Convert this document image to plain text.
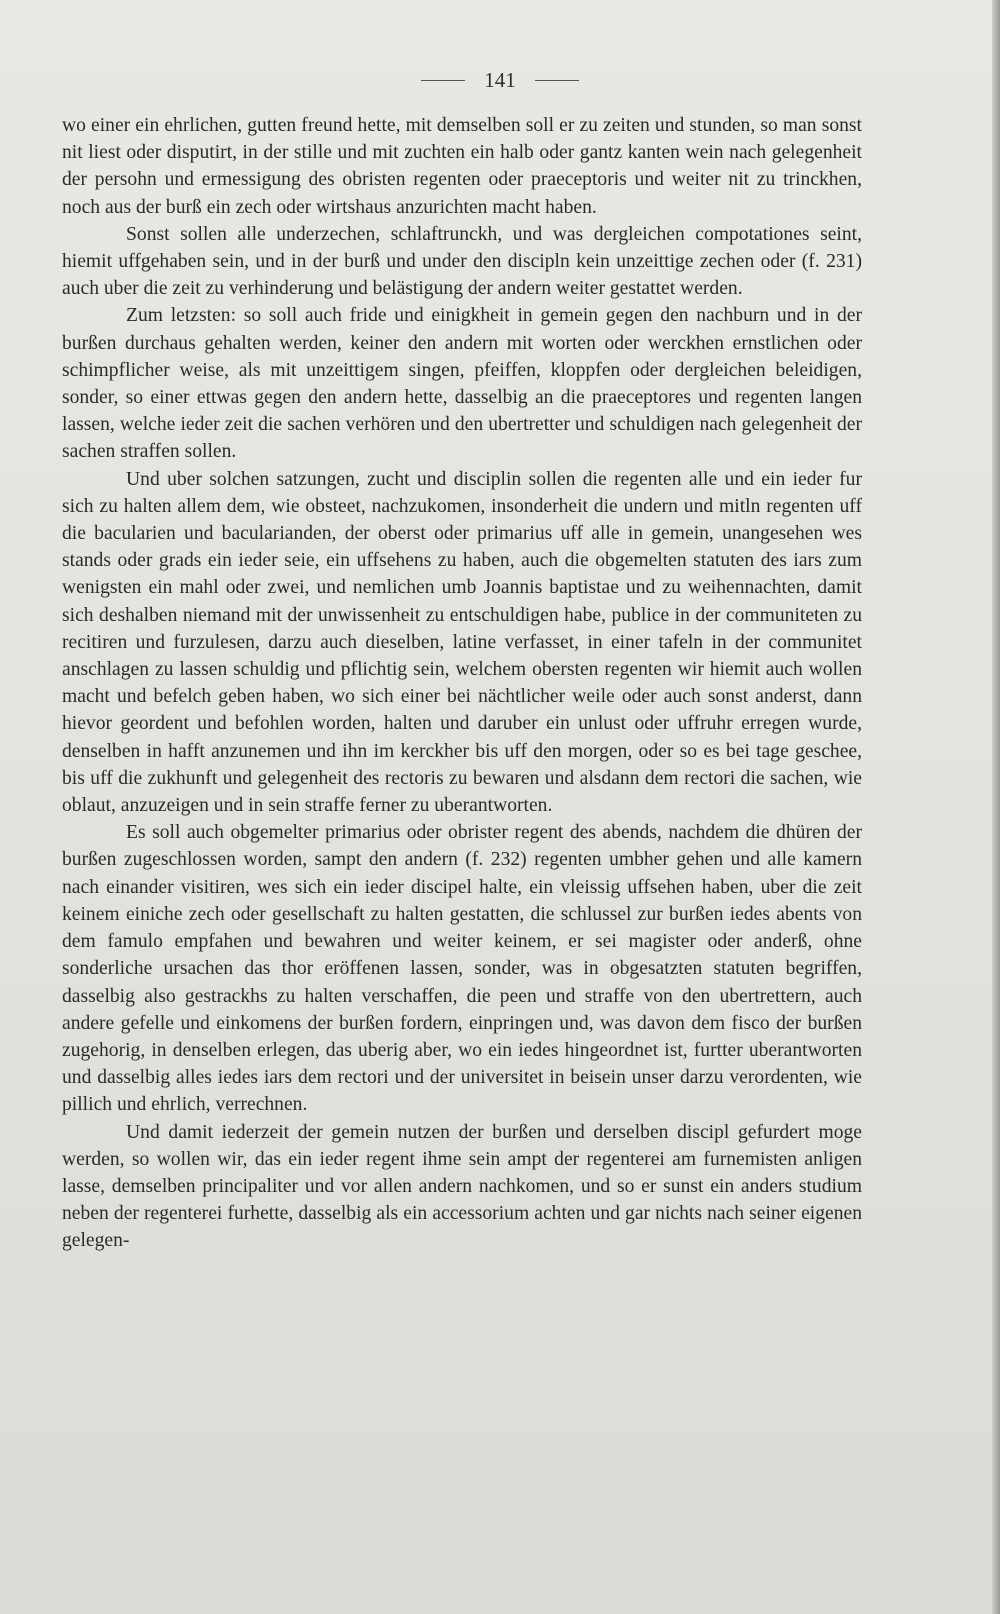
141

wo einer ein ehrlichen, gutten freund hette, mit demselben soll er zu zeiten und stunden, so man sonst nit liest oder disputirt, in der stille und mit zuchten ein halb oder gantz kanten wein nach gelegenheit der persohn und ermessigung des obristen regenten oder praeceptoris und weiter nit zu trinckhen, noch aus der burß ein zech oder wirtshaus anzurichten macht haben.

Sonst sollen alle underzechen, schlaftrunckh, und was dergleichen compotationes seint, hiemit uffgehaben sein, und in der burß und under den discipln kein unzeittige zechen oder (f. 231) auch uber die zeit zu verhinderung und belästigung der andern weiter gestattet werden.

Zum letzsten: so soll auch fride und einigkheit in gemein gegen den nachburn und in der burßen durchaus gehalten werden, keiner den andern mit worten oder werckhen ernstlichen oder schimpflicher weise, als mit unzeittigem singen, pfeiffen, kloppfen oder dergleichen beleidigen, sonder, so einer ettwas gegen den andern hette, dasselbig an die praeceptores und regenten langen lassen, welche ieder zeit die sachen verhören und den ubertretter und schuldigen nach gelegenheit der sachen straffen sollen.

Und uber solchen satzungen, zucht und disciplin sollen die regenten alle und ein ieder fur sich zu halten allem dem, wie obsteet, nachzukomen, insonderheit die undern und mitln regenten uff die bacularien und bacularianden, der oberst oder primarius uff alle in gemein, unangesehen wes stands oder grads ein ieder seie, ein uffsehens zu haben, auch die obgemelten statuten des iars zum wenigsten ein mahl oder zwei, und nemlichen umb Joannis baptistae und zu weihennachten, damit sich deshalben niemand mit der unwissenheit zu entschuldigen habe, publice in der communiteten zu recitiren und furzulesen, darzu auch dieselben, latine verfasset, in einer tafeln in der communitet anschlagen zu lassen schuldig und pflichtig sein, welchem obersten regenten wir hiemit auch wollen macht und befelch geben haben, wo sich einer bei nächtlicher weile oder auch sonst anderst, dann hievor geordent und befohlen worden, halten und daruber ein unlust oder uffruhr erregen wurde, denselben in hafft anzunemen und ihn im kerckher bis uff den morgen, oder so es bei tage geschee, bis uff die zukhunft und gelegenheit des rectoris zu bewaren und alsdann dem rectori die sachen, wie oblaut, anzuzeigen und in sein straffe ferner zu uberantworten.

Es soll auch obgemelter primarius oder obrister regent des abends, nachdem die dhüren der burßen zugeschlossen worden, sampt den andern (f. 232) regenten umbher gehen und alle kamern nach einander visitiren, wes sich ein ieder discipel halte, ein vleissig uffsehen haben, uber die zeit keinem einiche zech oder gesellschaft zu halten gestatten, die schlussel zur burßen iedes abents von dem famulo empfahen und bewahren und weiter keinem, er sei magister oder anderß, ohne sonderliche ursachen das thor eröffenen lassen, sonder, was in obgesatzten statuten begriffen, dasselbig also gestrackhs zu halten verschaffen, die peen und straffe von den ubertrettern, auch andere gefelle und einkomens der burßen fordern, einpringen und, was davon dem fisco der burßen zugehorig, in denselben erlegen, das uberig aber, wo ein iedes hingeordnet ist, furtter uberantworten und dasselbig alles iedes iars dem rectori und der universitet in beisein unser darzu verordenten, wie pillich und ehrlich, verrechnen.

Und damit iederzeit der gemein nutzen der burßen und derselben discipl gefurdert moge werden, so wollen wir, das ein ieder regent ihme sein ampt der regenterei am furnemisten anligen lasse, demselben principaliter und vor allen andern nachkomen, und so er sunst ein anders studium neben der regenterei furhette, dasselbig als ein accessorium achten und gar nichts nach seiner eigenen gelegen-
